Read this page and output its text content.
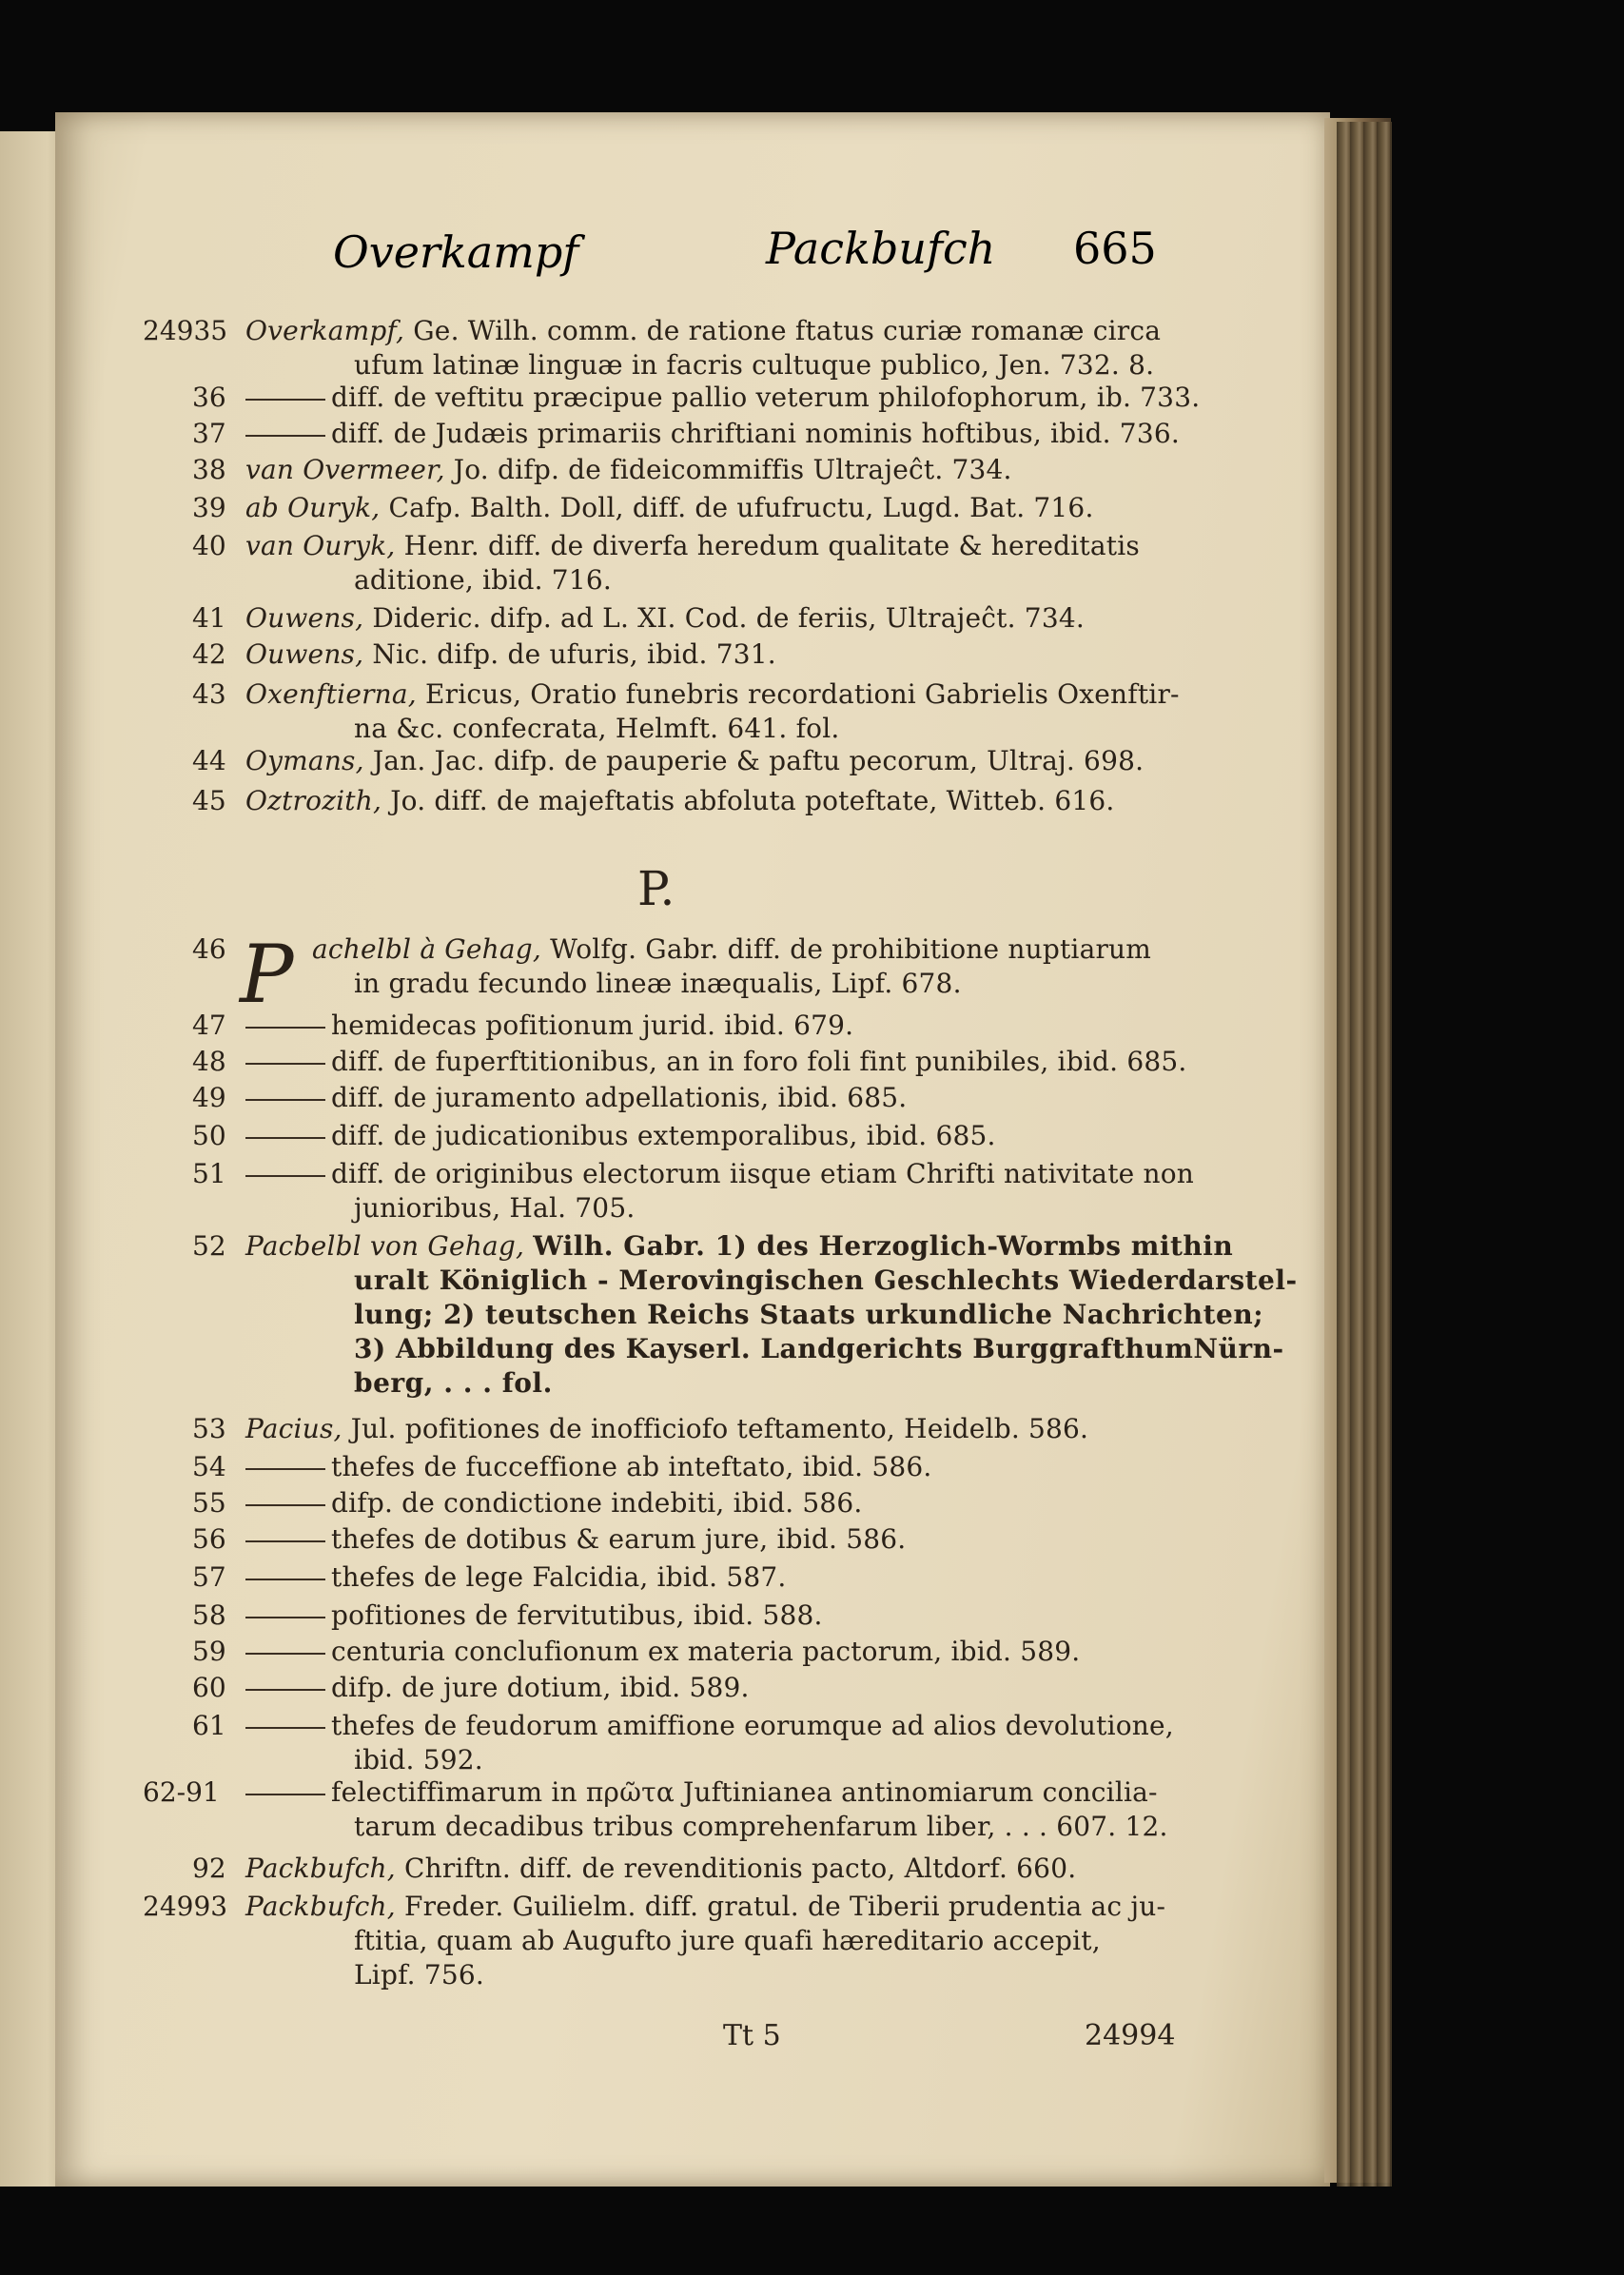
Overkampf	Packbufch 665
P.
P
24935 Overkampf, Ge. Wilh. comm. de ratione ftatus curiæ romanæ circa
ufum latinæ linguæ in facris cultuque publico, Jen. 732. 8.
36	diff. de veftitu præcipue pallio veterum philofophorum, ib. 733.
37	diff. de Judæis primariis chriftiani nominis hoftibus, ibid. 736.
38 van Overmeer, Jo. difp. de fideicommiffis Ultrajeĉt. 734.
39 ab Ouryk, Cafp. Balth. Doll, diff. de ufufructu, Lugd. Bat. 716.
40 van Ouryk, Henr. diff. de diverfa heredum qualitate & hereditatis
aditione, ibid. 716.
41 Ouwens, Dideric. difp. ad L. XI. Cod. de feriis, Ultrajeĉt. 734.
42 Ouwens, Nic. difp. de ufuris, ibid. 731.
43 Oxenftierna, Ericus, Oratio funebris recordationi Gabrielis Oxenftir-
na &c. confecrata, Helmft. 641. fol.
44 Oymans, Jan. Jac. difp. de pauperie & paftu pecorum, Ultraj. 698.
45 Oztrozith, Jo. diff. de majeftatis abfoluta poteftate, Witteb. 616.
46	achelbl à Gehag, Wolfg. Gabr. diff. de prohibitione nuptiarum
in gradu fecundo lineæ inæqualis, Lipf. 678.
47	hemidecas pofitionum jurid. ibid. 679.
48	diff. de fuperftitionibus, an in foro foli fint punibiles, ibid. 685.
49	diff. de juramento adpellationis, ibid. 685.
50	diff. de judicationibus extemporalibus, ibid. 685.
51	diff. de originibus electorum iisque etiam Chrifti nativitate non
junioribus, Hal. 705.
52 Pacbelbl von Gehag, Wilh. Gabr. 1) des Herzoglich-Wormbs mithin
uralt Königlich - Merovingischen Geschlechts Wiederdarstel-
lung; 2) teutschen Reichs Staats urkundliche Nachrichten;
3) Abbildung des Kayserl. Landgerichts BurggrafthumNürn-
berg, . . . fol.
53 Pacius, Jul. pofitiones de inofficiofo teftamento, Heidelb. 586.
54	thefes de fucceffione ab inteftato, ibid. 586.
55	difp. de condictione indebiti, ibid. 586.
56	thefes de dotibus & earum jure, ibid. 586.
57	thefes de lege Falcidia, ibid. 587.
58	pofitiones de fervitutibus, ibid. 588.
59	centuria conclufionum ex materia pactorum, ibid. 589.
60	difp. de jure dotium, ibid. 589.
61	thefes de feudorum amiffione eorumque ad alios devolutione,
ibid. 592.
62-91	felectiffimarum in πρῶτα Juftinianea antinomiarum concilia-
tarum decadibus tribus comprehenfarum liber, . . . 607. 12.
92 Packbufch, Chriftn. diff. de revenditionis pacto, Altdorf. 660.
24993 Packbufch, Freder. Guilielm. diff. gratul. de Tiberii prudentia ac ju-
ftitia, quam ab Augufto jure quafi hæreditario accepit,
Lipf. 756.
Tt 5	24994
